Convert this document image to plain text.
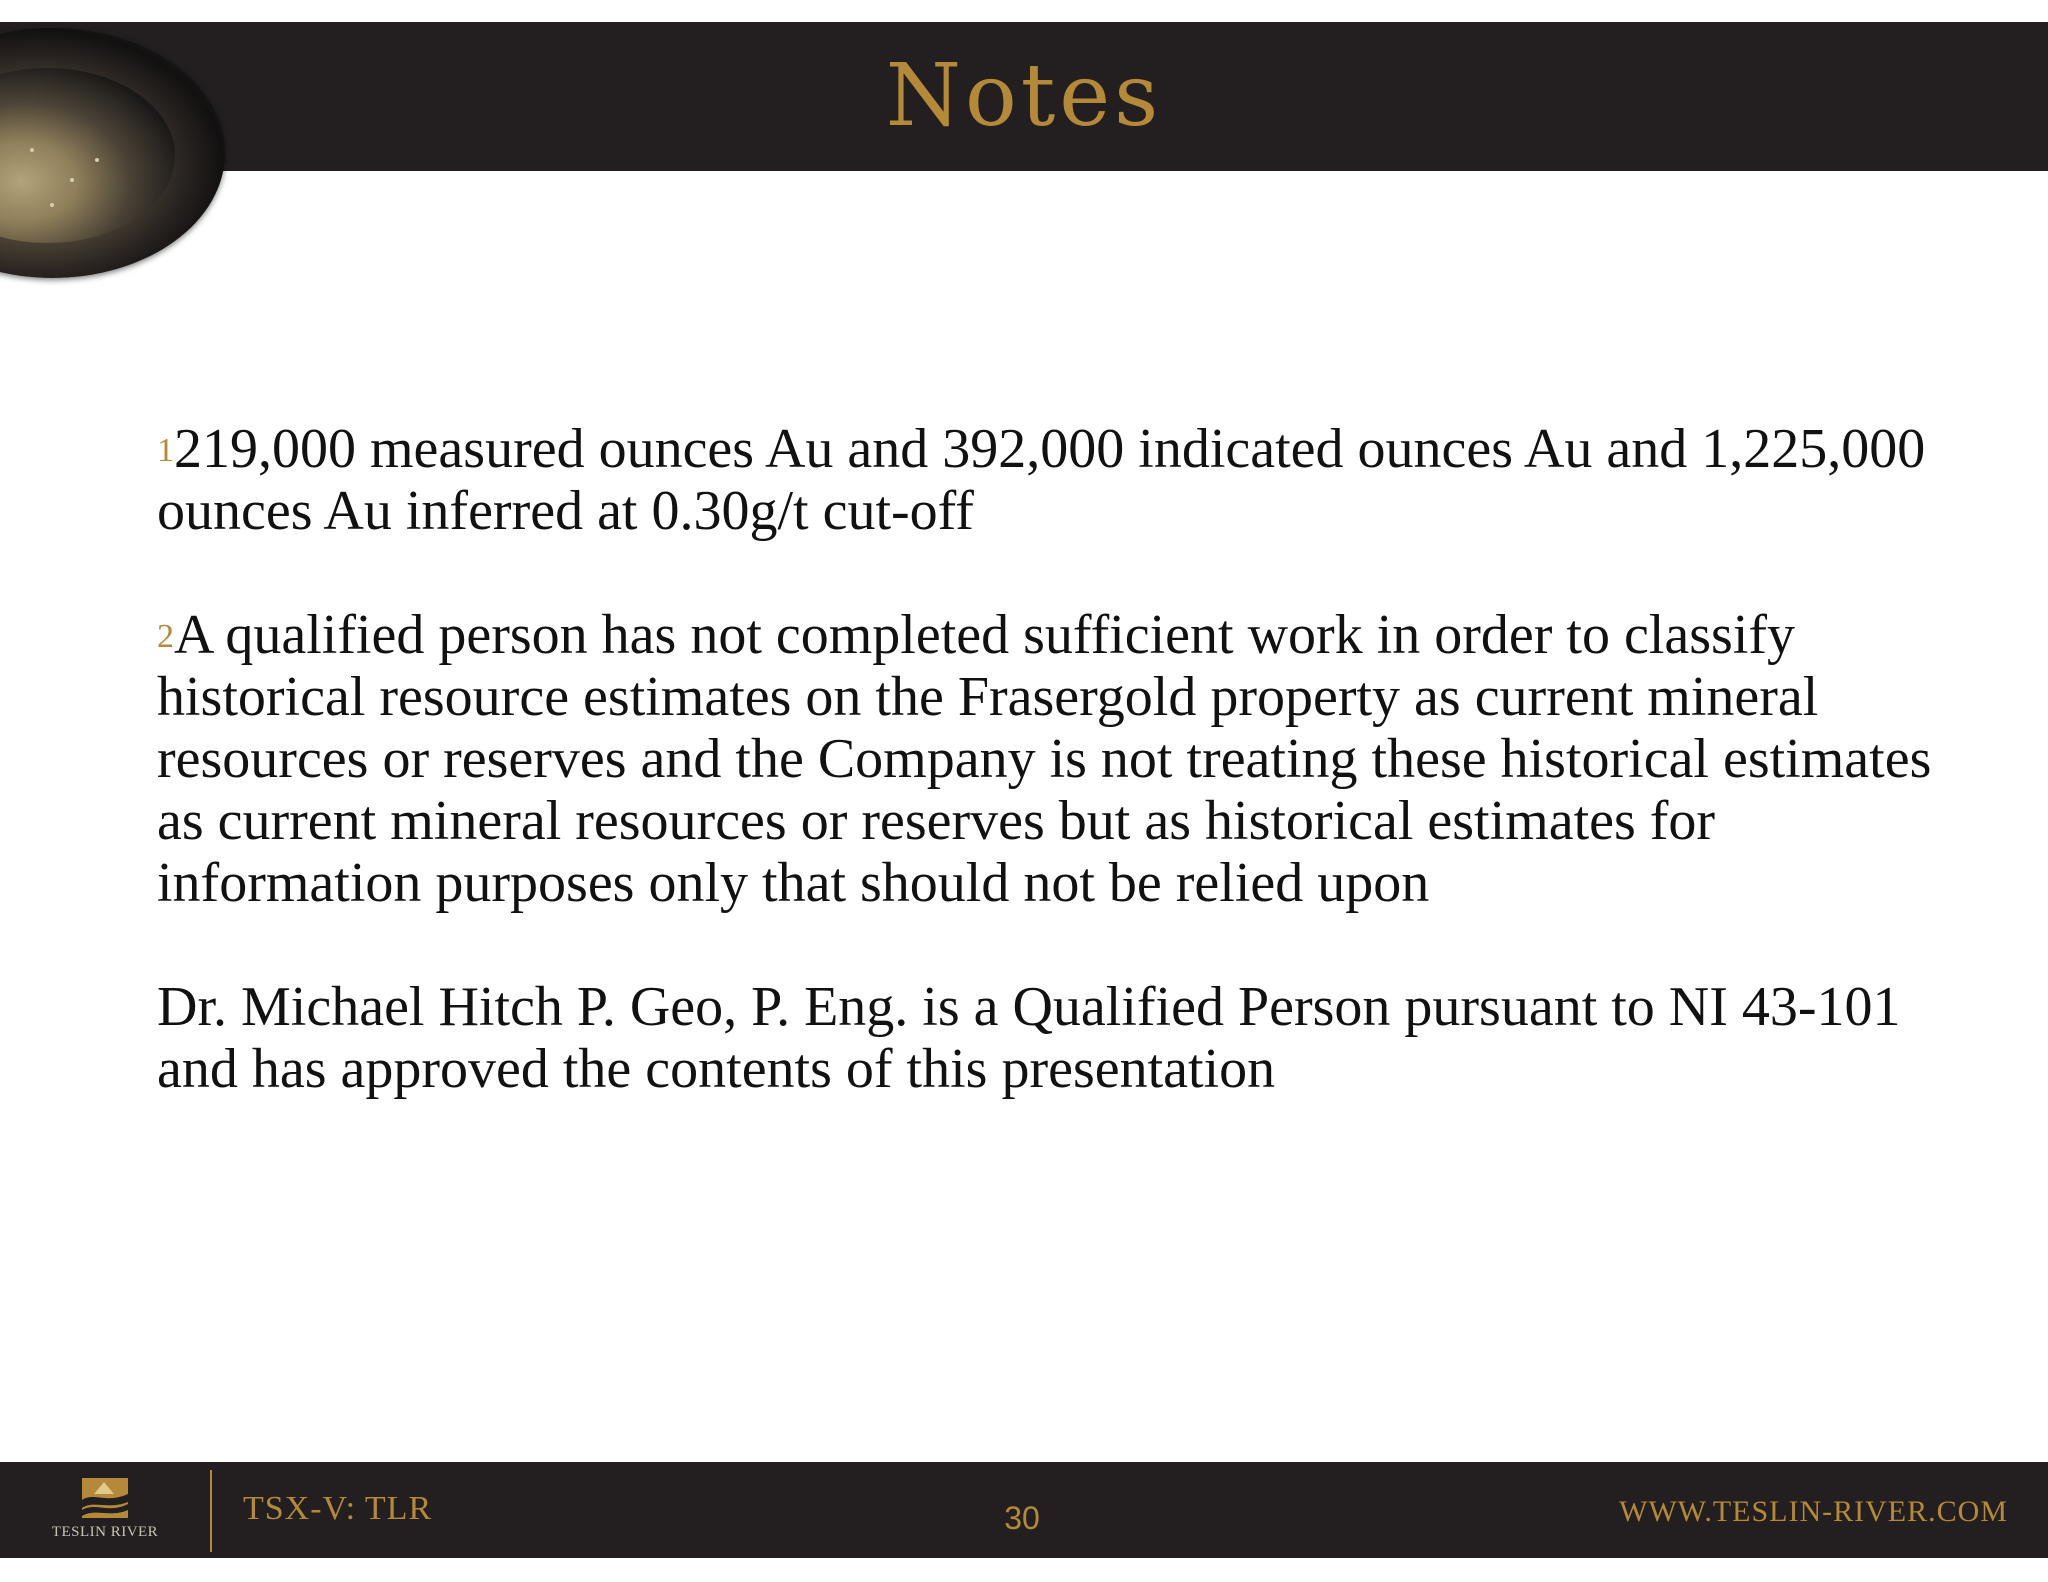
Notes

$^1$219,000 measured ounces Au and 392,000 indicated ounces Au and 1,225,000 ounces Au inferred at 0.30g/t cut-off

$^2$A qualified person has not completed sufficient work in order to classify historical resource estimates on the Frasergold property as current mineral resources or reserves and the Company is not treating these historical estimates as current mineral resources or reserves but as historical estimates for information purposes only that should not be relied upon

Dr. Michael Hitch P. Geo, P. Eng. is a Qualified Person pursuant to NI 43-101 and has approved the contents of this presentation

TESLIN RIVER
TSX-V: TLR	30	WWW.TESLIN-RIVER.COM
